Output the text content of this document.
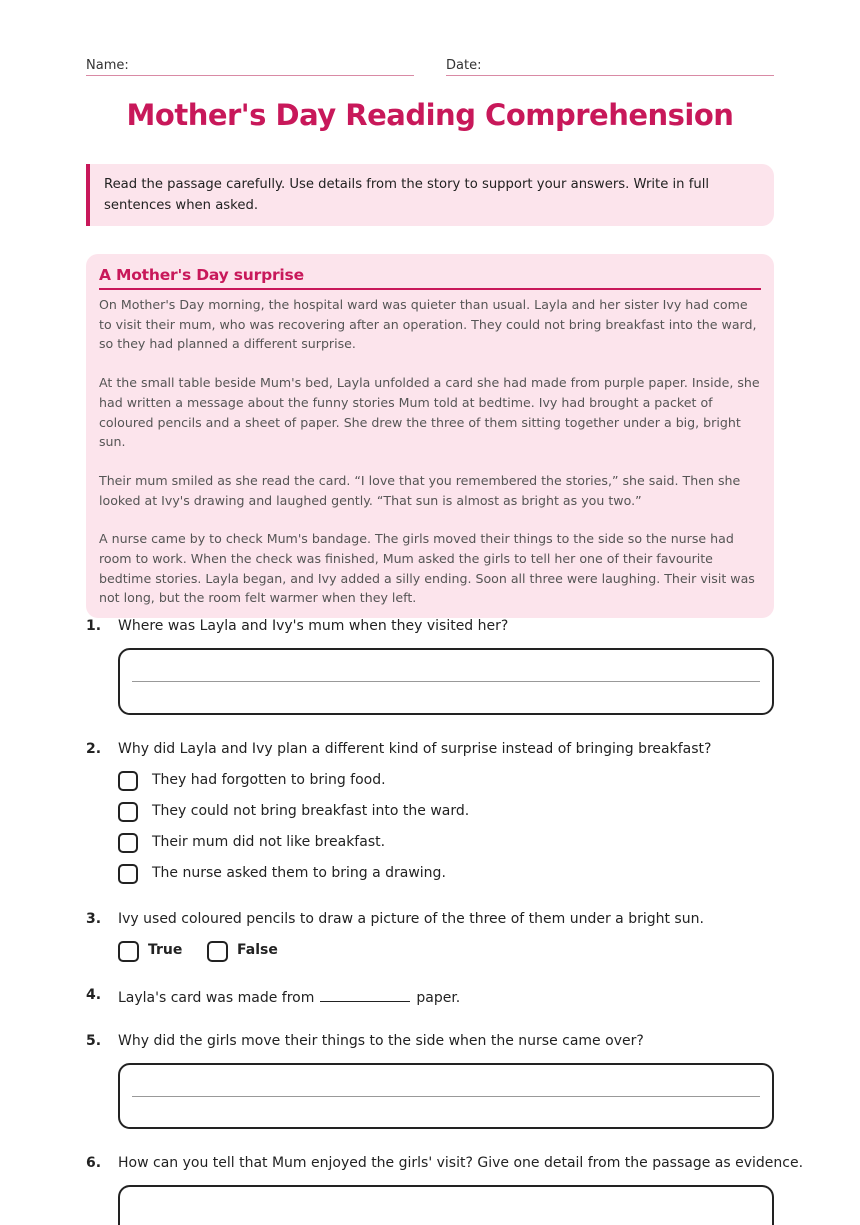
Name:	Date:
Mother's Day Reading Comprehension
Read the passage carefully. Use details from the story to support your answers. Write in full sentences when asked.
A Mother's Day surprise

On Mother's Day morning, the hospital ward was quieter than usual. Layla and her sister Ivy had come to visit their mum, who was recovering after an operation. They could not bring breakfast into the ward, so they had planned a different surprise.

At the small table beside Mum's bed, Layla unfolded a card she had made from purple paper. Inside, she had written a message about the funny stories Mum told at bedtime. Ivy had brought a packet of coloured pencils and a sheet of paper. She drew the three of them sitting together under a big, bright sun.

Their mum smiled as she read the card. “I love that you remembered the stories,” she said. Then she looked at Ivy's drawing and laughed gently. “That sun is almost as bright as you two.”

A nurse came by to check Mum's bandage. The girls moved their things to the side so the nurse had room to work. When the check was finished, Mum asked the girls to tell her one of their favourite bedtime stories. Layla began, and Ivy added a silly ending. Soon all three were laughing. Their visit was not long, but the room felt warmer when they left.

1. Where was Layla and Ivy's mum when they visited her?
2. Why did Layla and Ivy plan a different kind of surprise instead of bringing breakfast?
They had forgotten to bring food.
They could not bring breakfast into the ward.
Their mum did not like breakfast.
The nurse asked them to bring a drawing.
3. Ivy used coloured pencils to draw a picture of the three of them under a bright sun.
True	False
4. Layla's card was made from	paper.
5. Why did the girls move their things to the side when the nurse came over?
6. How can you tell that Mum enjoyed the girls' visit? Give one detail from the passage as evidence.
